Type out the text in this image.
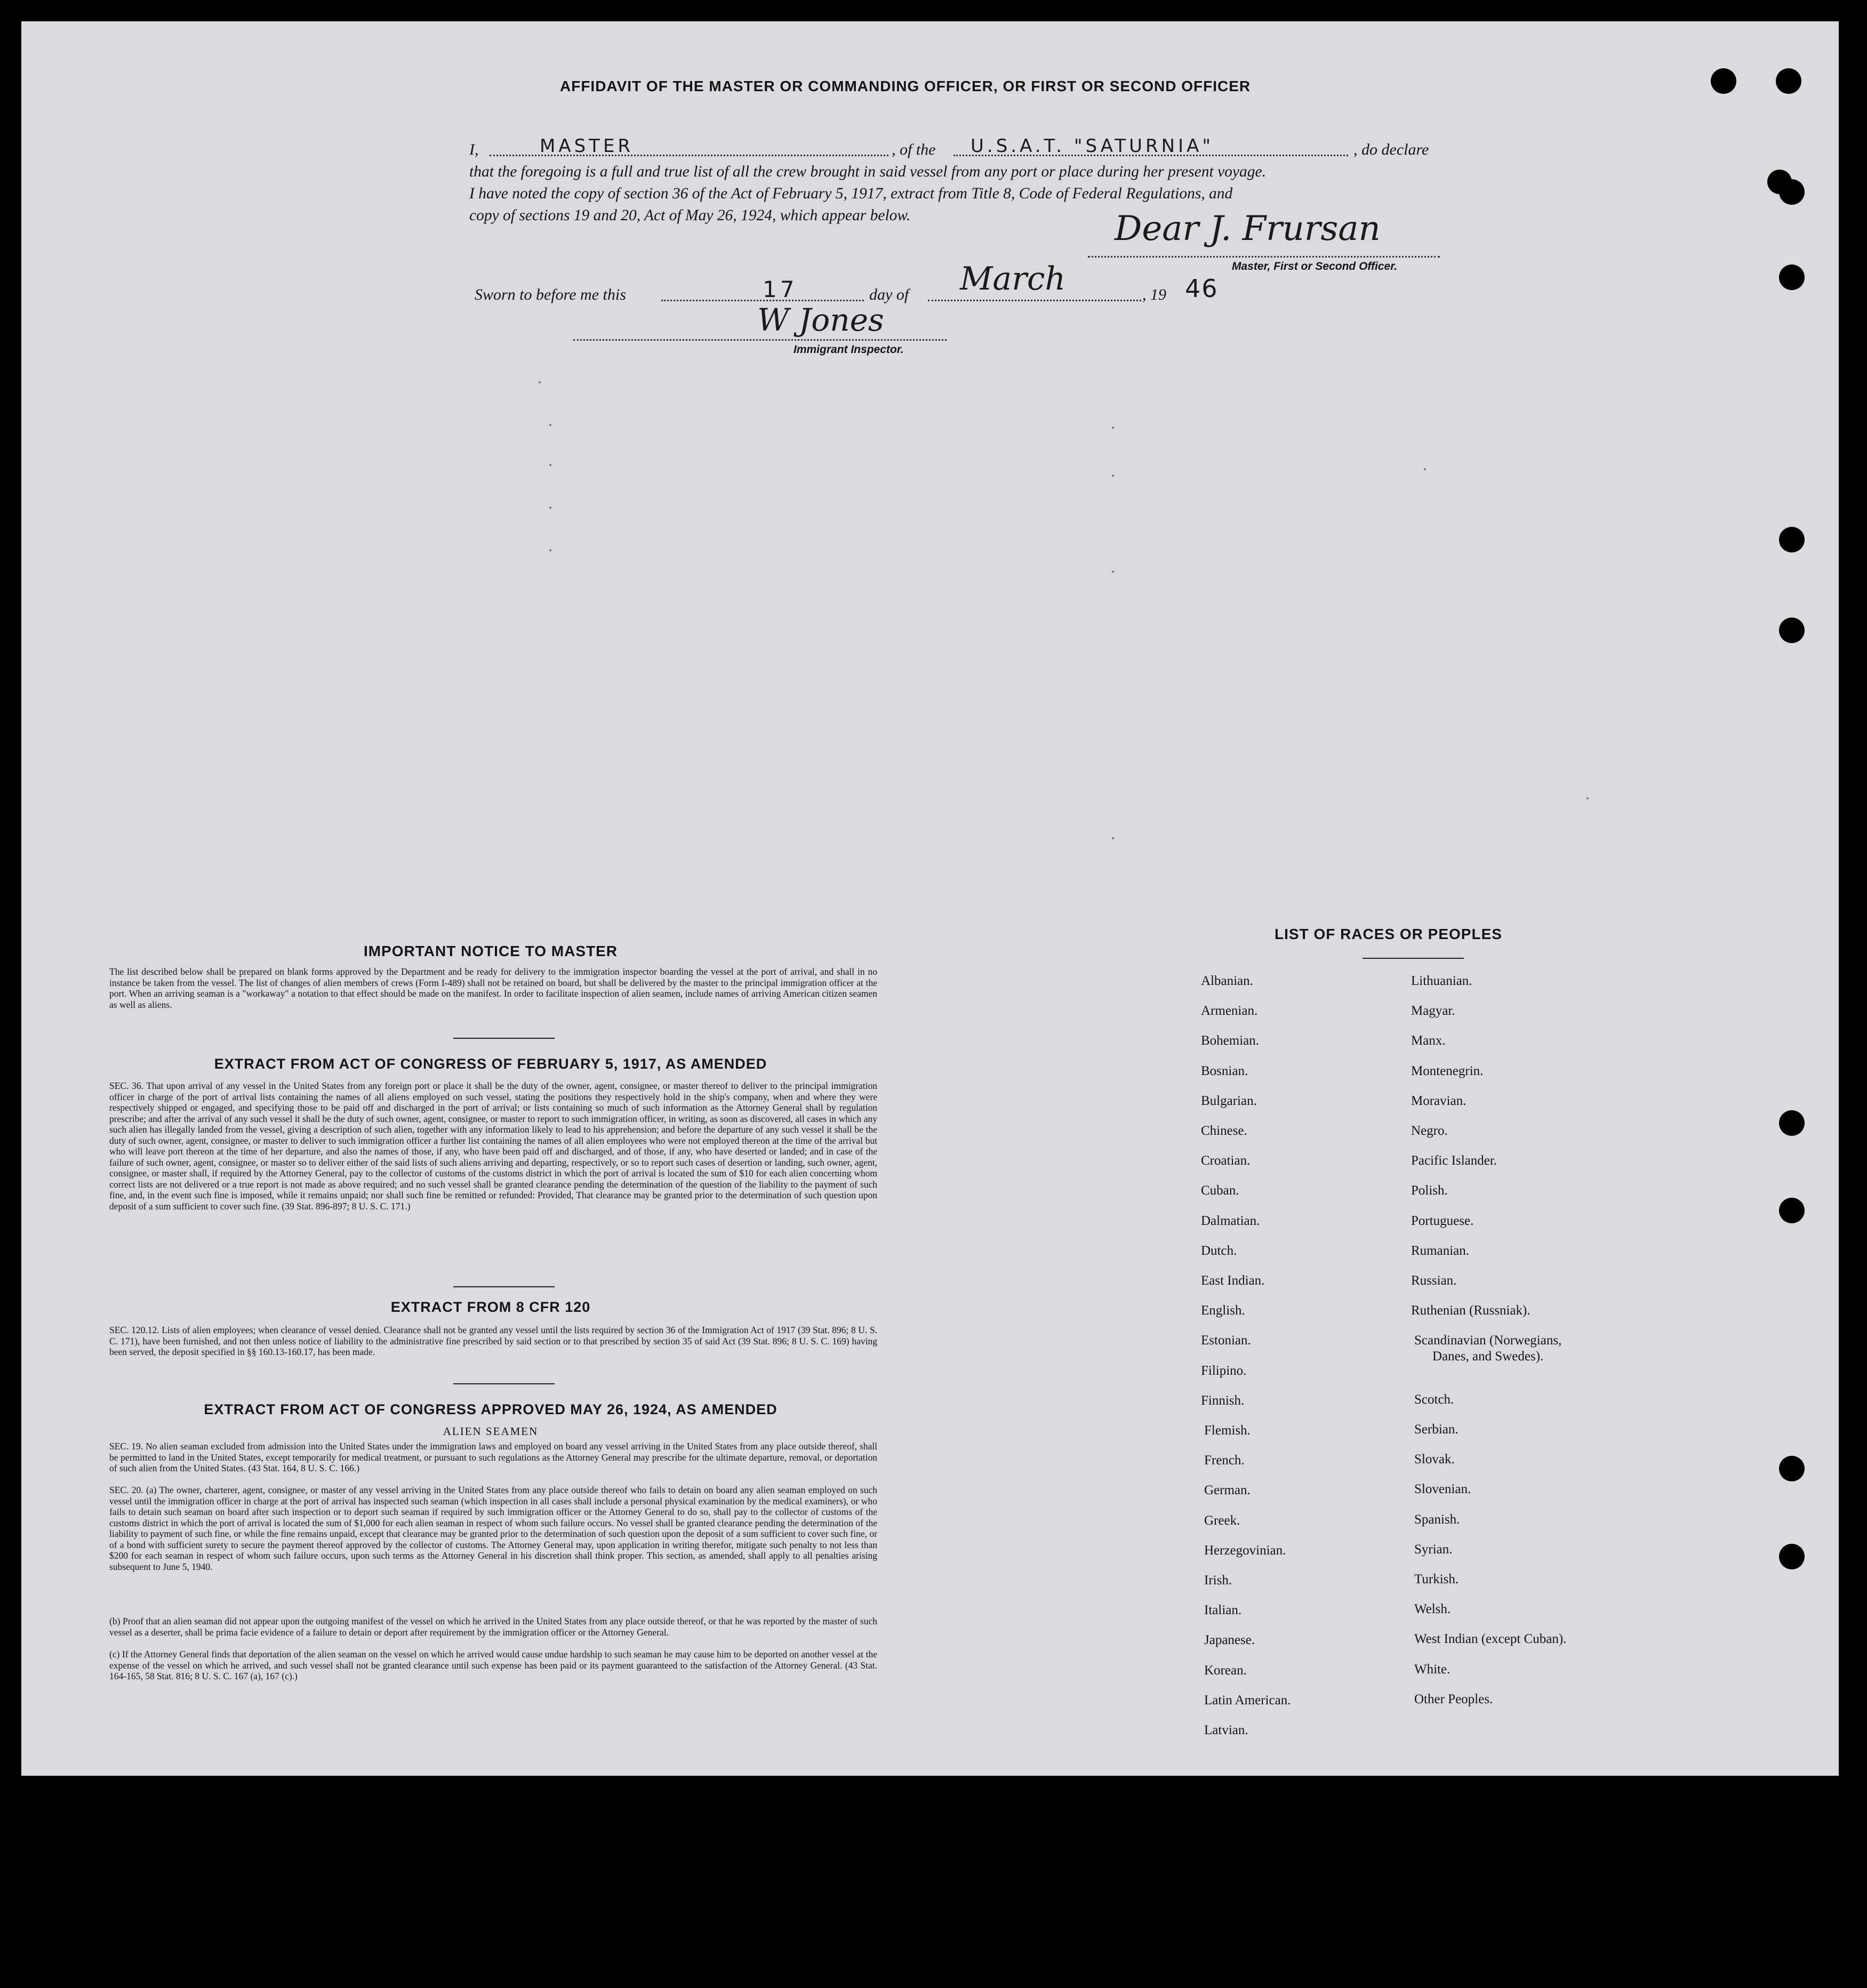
AFFIDAVIT OF THE MASTER OR COMMANDING OFFICER, OR FIRST OR SECOND OFFICER
I,	MASTER	, of the U.S.A.T. "SATURNIA"	, do declare
that the foregoing is a full and true list of all the crew brought in said vessel from any port or place during her present voyage.
I have noted the copy of section 36 of the Act of February 5, 1917, extract from Title 8, Code of Federal Regulations, and
copy of sections 19 and 20, Act of May 26, 1924, which appear below.	Dear J. Frursan
Master, First or Second Officer.
Sworn to before me this	17	day of March	, 19 46
W Jones
Immigrant Inspector.
IMPORTANT NOTICE TO MASTER
The list described below shall be prepared on blank forms approved by the Department and be ready for delivery to the immigration inspector boarding the vessel at the port of arrival, and shall in no instance be taken from the vessel. The list of changes of alien members of crews (Form I-489) shall not be retained on board, but shall be delivered by the master to the principal immigration officer at the port. When an arriving seaman is a "workaway" a notation to that effect should be made on the manifest. In order to facilitate inspection of alien seamen, include names of arriving American citizen seamen as well as aliens.
EXTRACT FROM ACT OF CONGRESS OF FEBRUARY 5, 1917, AS AMENDED
SEC. 36. That upon arrival of any vessel in the United States from any foreign port or place it shall be the duty of the owner, agent, consignee, or master thereof to deliver to the principal immigration officer in charge of the port of arrival lists containing the names of all aliens employed on such vessel, stating the positions they respectively hold in the ship's company, when and where they were respectively shipped or engaged, and specifying those to be paid off and discharged in the port of arrival; or lists containing so much of such information as the Attorney General shall by regulation prescribe; and after the arrival of any such vessel it shall be the duty of such owner, agent, consignee, or master to report to such immigration officer, in writing, as soon as discovered, all cases in which any such alien has illegally landed from the vessel, giving a description of such alien, together with any information likely to lead to his apprehension; and before the departure of any such vessel it shall be the duty of such owner, agent, consignee, or master to deliver to such immigration officer a further list containing the names of all alien employees who were not employed thereon at the time of the arrival but who will leave port thereon at the time of her departure, and also the names of those, if any, who have been paid off and discharged, and of those, if any, who have deserted or landed; and in case of the failure of such owner, agent, consignee, or master so to deliver either of the said lists of such aliens arriving and departing, respectively, or so to report such cases of desertion or landing, such owner, agent, consignee, or master shall, if required by the Attorney General, pay to the collector of customs of the customs district in which the port of arrival is located the sum of $10 for each alien concerning whom correct lists are not delivered or a true report is not made as above required; and no such vessel shall be granted clearance pending the determination of the question of the liability to the payment of such fine, and, in the event such fine is imposed, while it remains unpaid; nor shall such fine be remitted or refunded: Provided, That clearance may be granted prior to the determination of such question upon deposit of a sum sufficient to cover such fine. (39 Stat. 896-897; 8 U. S. C. 171.)
EXTRACT FROM 8 CFR 120
SEC. 120.12. Lists of alien employees; when clearance of vessel denied. Clearance shall not be granted any vessel until the lists required by section 36 of the Immigration Act of 1917 (39 Stat. 896; 8 U. S. C. 171), have been furnished, and not then unless notice of liability to the administrative fine prescribed by said section or to that prescribed by section 35 of said Act (39 Stat. 896; 8 U. S. C. 169) having been served, the deposit specified in §§ 160.13-160.17, has been made.
EXTRACT FROM ACT OF CONGRESS APPROVED MAY 26, 1924, AS AMENDED
ALIEN SEAMEN
SEC. 19. No alien seaman excluded from admission into the United States under the immigration laws and employed on board any vessel arriving in the United States from any place outside thereof, shall be permitted to land in the United States, except temporarily for medical treatment, or pursuant to such regulations as the Attorney General may prescribe for the ultimate departure, removal, or deportation of such alien from the United States. (43 Stat. 164, 8 U. S. C. 166.)
SEC. 20. (a) The owner, charterer, agent, consignee, or master of any vessel arriving in the United States from any place outside thereof who fails to detain on board any alien seaman employed on such vessel until the immigration officer in charge at the port of arrival has inspected such seaman (which inspection in all cases shall include a personal physical examination by the medical examiners), or who fails to detain such seaman on board after such inspection or to deport such seaman if required by such immigration officer or the Attorney General to do so, shall pay to the collector of customs of the customs district in which the port of arrival is located the sum of $1,000 for each alien seaman in respect of whom such failure occurs. No vessel shall be granted clearance pending the determination of the liability to payment of such fine, or while the fine remains unpaid, except that clearance may be granted prior to the determination of such question upon the deposit of a sum sufficient to cover such fine, or of a bond with sufficient surety to secure the payment thereof approved by the collector of customs. The Attorney General may, upon application in writing therefor, mitigate such penalty to not less than $200 for each seaman in respect of whom such failure occurs, upon such terms as the Attorney General in his discretion shall think proper. This section, as amended, shall apply to all penalties arising subsequent to June 5, 1940.
(b) Proof that an alien seaman did not appear upon the outgoing manifest of the vessel on which he arrived in the United States from any place outside thereof, or that he was reported by the master of such vessel as a deserter, shall be prima facie evidence of a failure to detain or deport after requirement by the immigration officer or the Attorney General.
(c) If the Attorney General finds that deportation of the alien seaman on the vessel on which he arrived would cause undue hardship to such seaman he may cause him to be deported on another vessel at the expense of the vessel on which he arrived, and such vessel shall not be granted clearance until such expense has been paid or its payment guaranteed to the satisfaction of the Attorney General. (43 Stat. 164-165, 58 Stat. 816; 8 U. S. C. 167 (a), 167 (c).)
LIST OF RACES OR PEOPLES
Albanian.
Armenian.
Bohemian.
Bosnian.
Bulgarian.
Chinese.
Croatian.
Cuban.
Dalmatian.
Dutch.
East Indian.
English.
Estonian.
Filipino.
Finnish.
Flemish.
French.
German.
Greek.
Herzegovinian.
Irish.
Italian.
Japanese.
Korean.
Latin American.
Latvian.
Lithuanian.
Magyar.
Manx.
Montenegrin.
Moravian.
Negro.
Pacific Islander.
Polish.
Portuguese.
Rumanian.
Russian.
Ruthenian (Russniak).
Scandinavian (Norwegians,
Danes, and Swedes).
Scotch.
Serbian.
Slovak.
Slovenian.
Spanish.
Syrian.
Turkish.
Welsh.
West Indian (except Cuban).
White.
Other Peoples.
